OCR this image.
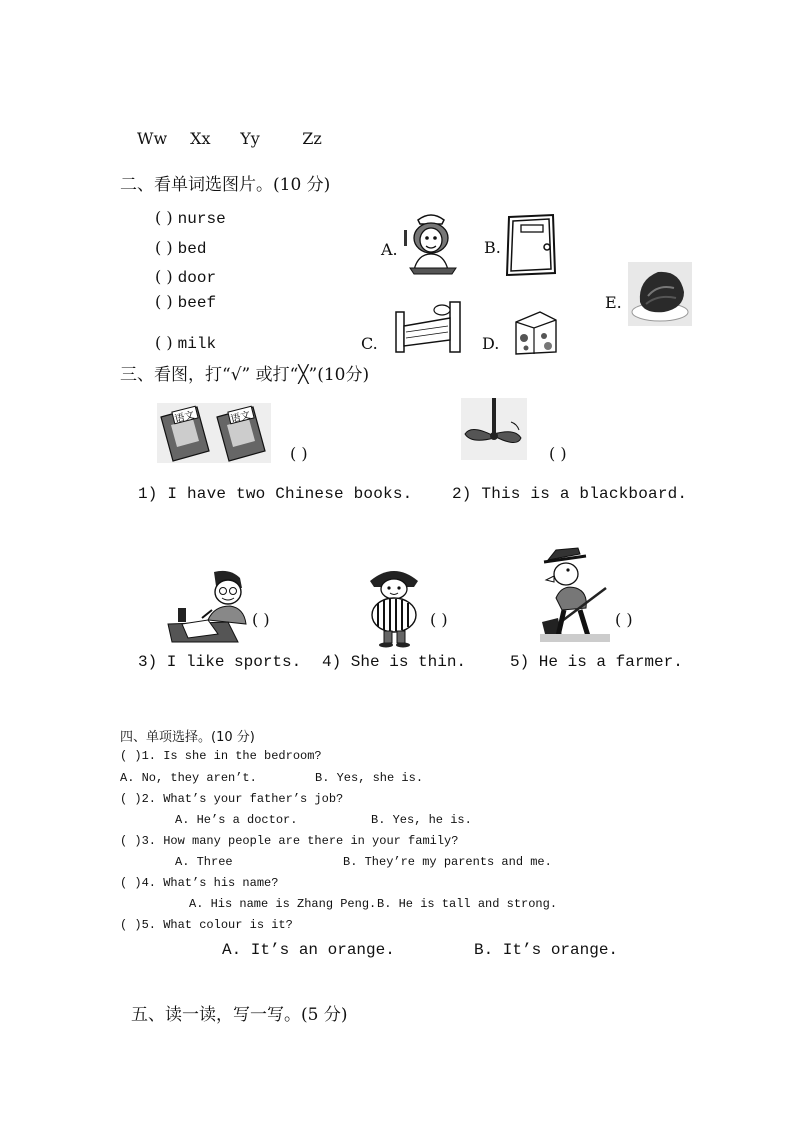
Ww Xx Yy	Zz
二、看单词选图片。(10 分)
( ) nurse
( ) bed
( ) door
( ) beef
( ) milk
A.	B.
C.	D.
E.
三、看图，打“√” 或打“╳”(10分)
语文	语文
( )	( )
1) I have two Chinese books. 2) This is a blackboard.
( )	( )	( )
3) I like sports. 4) She is thin.	5) He is a farmer.
四、单项选择。(10 分)
( )1. Is she in the bedroom?
A. No, they aren’t.	B. Yes, she is.
( )2. What’s your father’s job?
A. He’s a doctor.	B. Yes, he is.
( )3. How many people are there in your family?
A. Three	B. They’re my parents and me.
( )4. What’s his name?
A. His name is Zhang Peng. B. He is tall and strong.
( )5. What colour is it?
A. It’s an orange.	B. It’s orange.
五、读一读，写一写。(5 分)
